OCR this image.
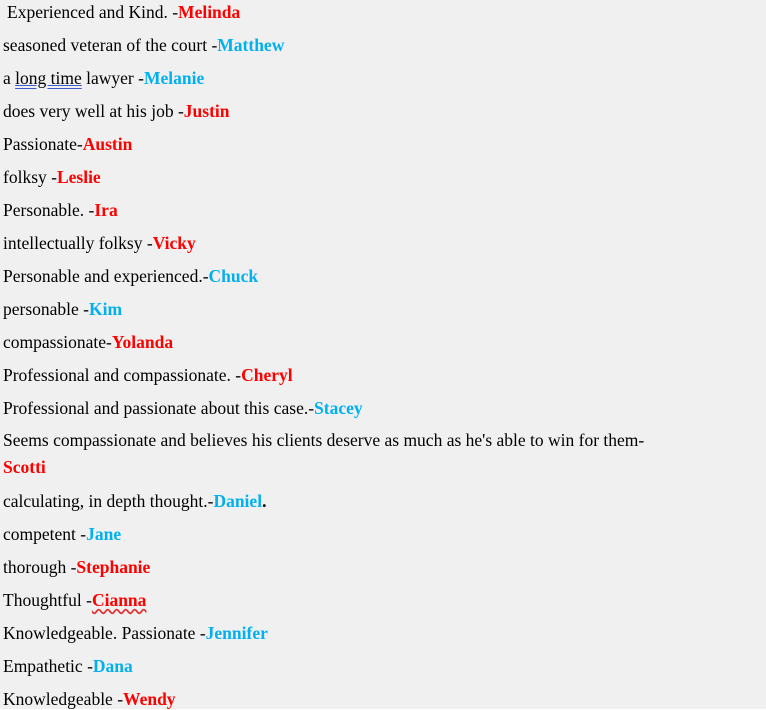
Experienced and Kind. -Melinda
seasoned veteran of the court -Matthew
a long time lawyer -Melanie
does very well at his job -Justin
Passionate-Austin
folksy -Leslie
Personable. -Ira
intellectually folksy -Vicky
Personable and experienced.-Chuck
personable -Kim
compassionate-Yolanda
Professional and compassionate. -Cheryl
Professional and passionate about this case.-Stacey
Seems compassionate and believes his clients deserve as much as he's able to win for them-
Scotti
calculating, in depth thought.-Daniel.
competent -Jane
thorough -Stephanie
Thoughtful -Cianna
Knowledgeable. Passionate -Jennifer
Empathetic -Dana
Knowledgeable -Wendy
